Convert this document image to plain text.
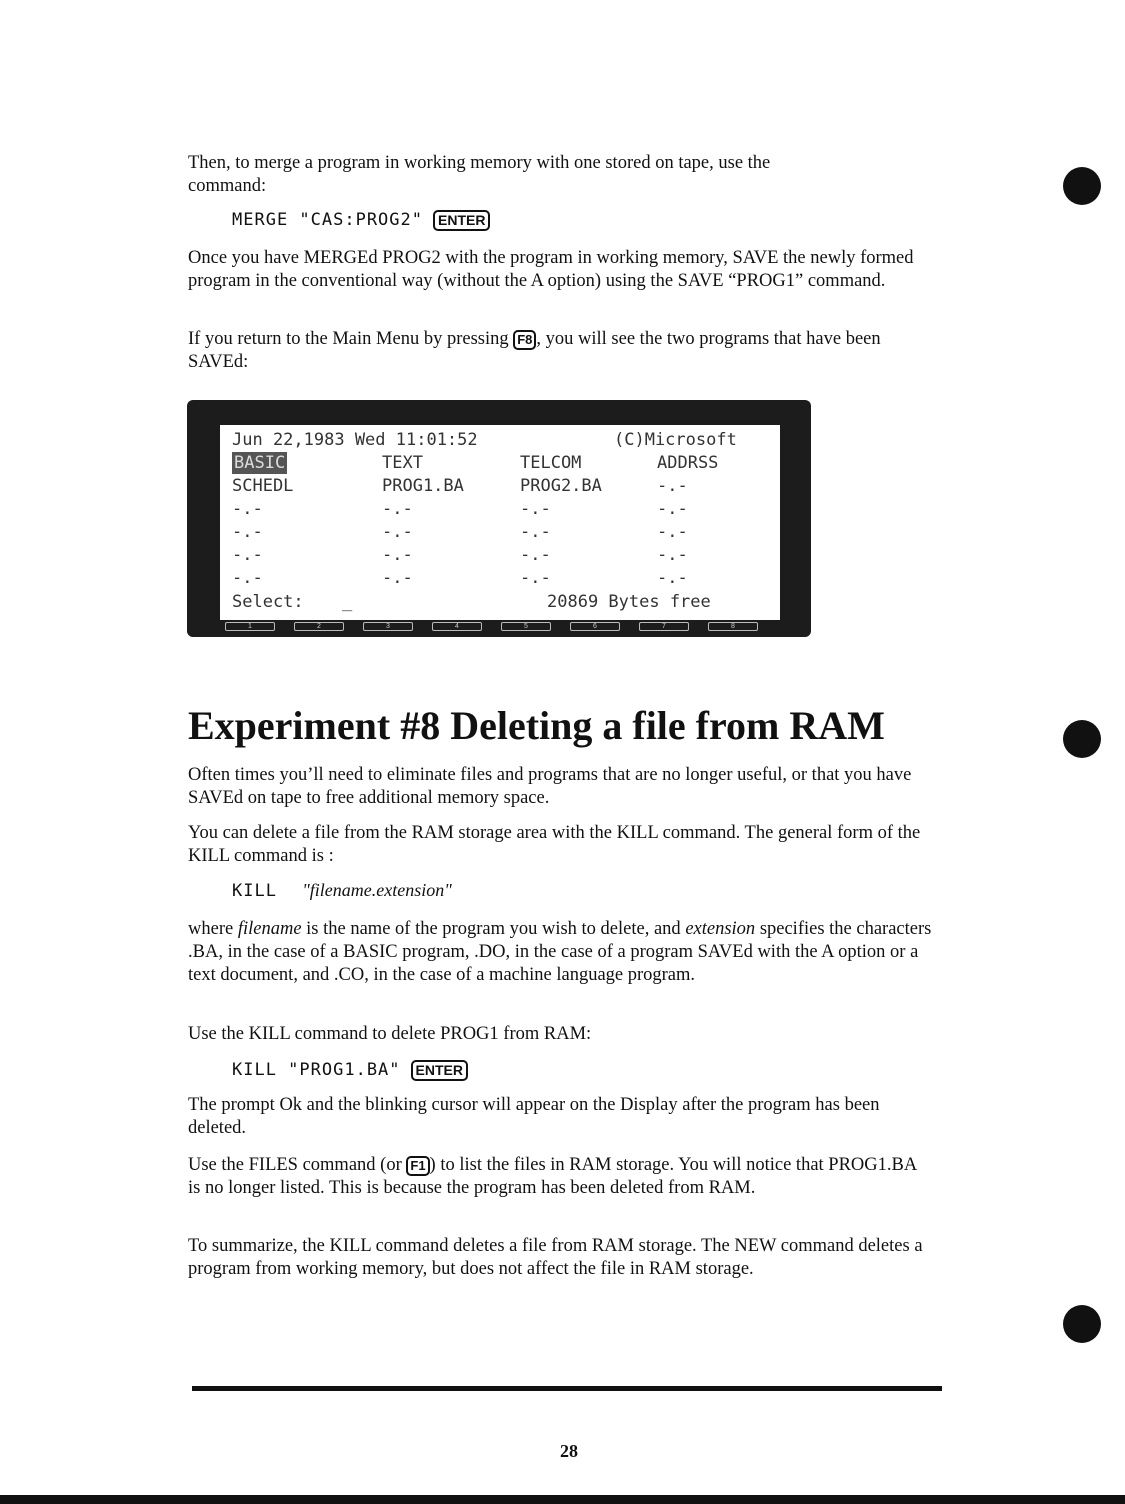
Then, to merge a program in working memory with one stored on tape, use the
command:

MERGE "CAS:PROG2" ENTER

Once you have MERGEd PROG2 with the program in working memory, SAVE the newly formed program in the conventional way (without the A option) using the SAVE “PROG1” command.

If you return to the Main Menu by pressing F8 , you will see the two programs that have been SAVEd:

Jun 22,1983 Wed 11:01:52

	(C)Microsoft

BASIC	TEXT	TELCOM	ADDRSS
SCHEDL	PROG1.BA	PROG2.BA	-.-
-.-	-.-	-.-	-.-
-.-	-.-	-.-	-.-
-.-	-.-	-.-	-.-
-.-	-.-	-.-	-.-

Select:

_

	20869 Bytes free

1	2	3	4	5	6	7	8
Experiment #8 Deleting a file from RAM

Often times you’ll need to eliminate files and programs that are no longer useful, or that you have SAVEd on tape to free additional memory space.

You can delete a file from the RAM storage area with the KILL command. The general form of the KILL command is :

KILL "filename.extension"

where filename is the name of the program you wish to delete, and extension specifies the characters .BA, in the case of a BASIC program, .DO, in the case of a program SAVEd with the A option or a text document, and .CO, in the case of a machine language program.

Use the KILL command to delete PROG1 from RAM:

KILL "PROG1.BA" ENTER

The prompt Ok and the blinking cursor will appear on the Display after the program has been deleted.

Use the FILES command (or F1 ) to list the files in RAM storage. You will notice that PROG1.BA is no longer listed. This is because the program has been deleted from RAM.

To summarize, the KILL command deletes a file from RAM storage. The NEW command deletes a program from working memory, but does not affect the file in RAM storage.

28
